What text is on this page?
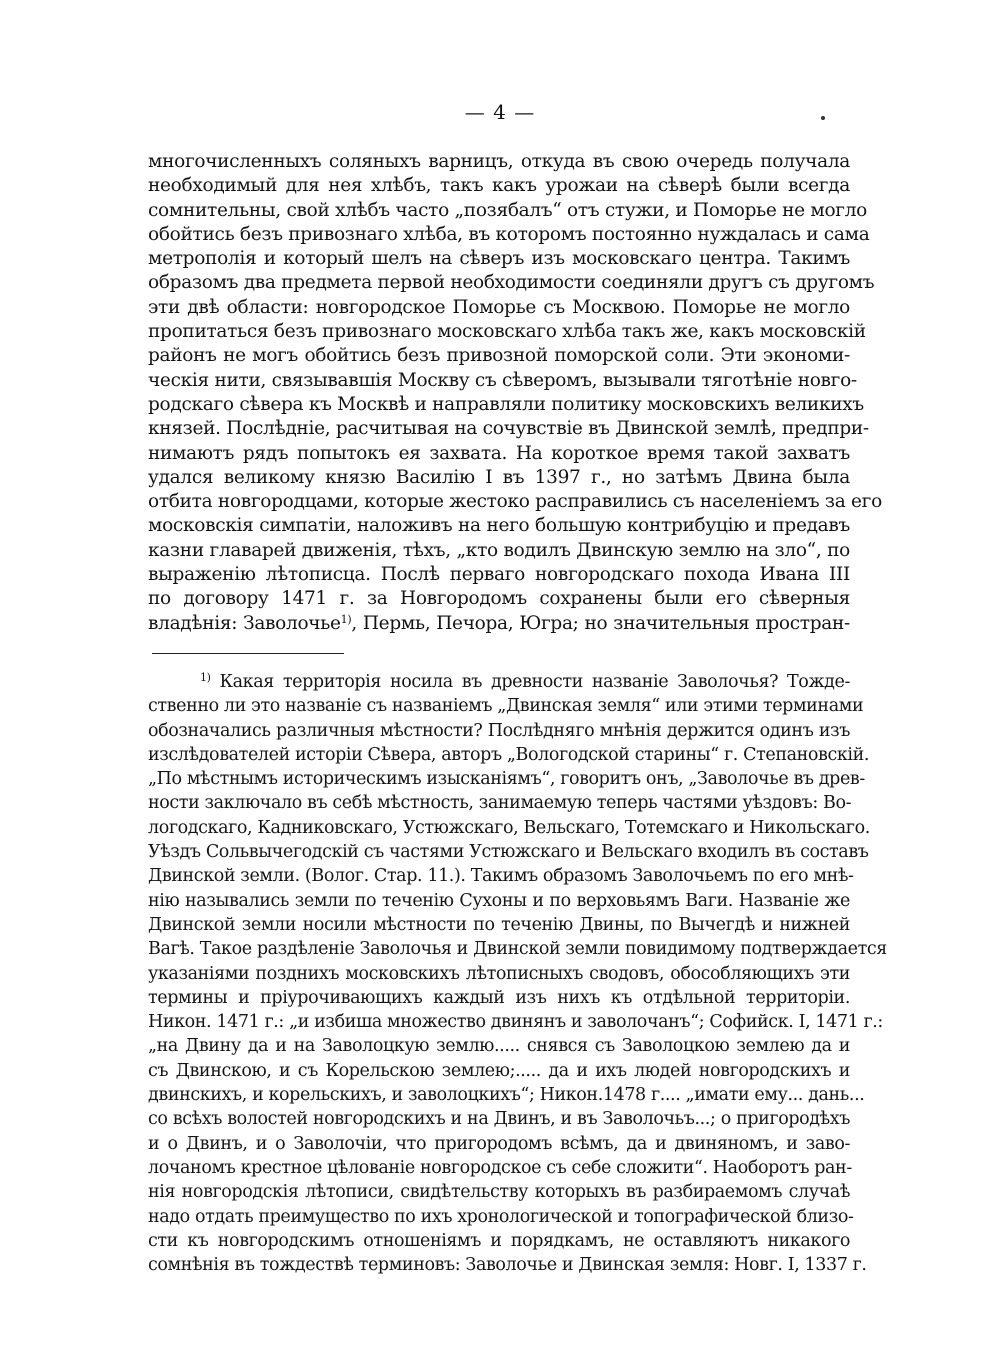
— 4 —
многочисленныхъ соляныхъ варницъ, откуда въ свою очередь получала
необходимый для нея хлѣбъ, такъ какъ урожаи на сѣверѣ были всегда
сомнительны, свой хлѣбъ часто „позябалъ“ отъ стужи, и Поморье не могло
обойтись безъ привознаго хлѣба, въ которомъ постоянно нуждалась и сама
метрополія и который шелъ на сѣверъ изъ московскаго центра. Такимъ
образомъ два предмета первой необходимости соединяли другъ съ другомъ
эти двѣ области: новгородское Поморье съ Москвою. Поморье не могло
пропитаться безъ привознаго московскаго хлѣба такъ же, какъ московскій
районъ не могъ обойтись безъ привозной поморской соли. Эти экономи-
ческія нити, связывавшія Москву съ сѣверомъ, вызывали тяготѣніе новго-
родскаго сѣвера къ Москвѣ и направляли политику московскихъ великихъ
князей. Послѣдніе, расчитывая на сочувствіе въ Двинской землѣ, предпри-
нимаютъ рядъ попытокъ ея захвата. На короткое время такой захватъ
удался великому князю Василію I въ 1397 г., но затѣмъ Двина была
отбита новгородцами, которые жестоко расправились съ населеніемъ за его
московскія симпатіи, наложивъ на него большую контрибуцію и предавъ
казни главарей движенія, тѣхъ, „кто водилъ Двинскую землю на зло“, по
выраженію лѣтописца. Послѣ перваго новгородскаго похода Ивана III
по договору 1471 г. за Новгородомъ сохранены были его сѣверныя
владѣнія: Заволочье$^{1)}$, Пермь, Печора, Югра; но значительныя простран-
$^{1)}$ Какая территорія носила въ древности названіе Заволочья? Тожде-
ственно ли это названіе съ названіемъ „Двинская земля“ или этими терминами
обозначались различныя мѣстности? Послѣдняго мнѣнія держится одинъ изъ
изслѣдователей исторіи Сѣвера, авторъ „Вологодской старины“ г. Степановскій.
„По мѣстнымъ историческимъ изысканіямъ“, говоритъ онъ, „Заволочье въ древ-
ности заключало въ себѣ мѣстность, занимаемую теперь частями уѣздовъ: Во-
логодскаго, Кадниковскаго, Устюжскаго, Вельскаго, Тотемскаго и Никольскаго.
Уѣздъ Сольвычегодскій съ частями Устюжскаго и Вельскаго входилъ въ составъ
Двинской земли. (Волог. Стар. 11.). Такимъ образомъ Заволочьемъ по его мнѣ-
нію назывались земли по теченію Сухоны и по верховьямъ Ваги. Названіе же
Двинской земли носили мѣстности по теченію Двины, по Вычегдѣ и нижней
Вагѣ. Такое раздѣленіе Заволочья и Двинской земли повидимому подтверждается
указаніями позднихъ московскихъ лѣтописныхъ сводовъ, обособляющихъ эти
термины и пріурочивающихъ каждый изъ нихъ къ отдѣльной территоріи.
Никон. 1471 г.: „и избиша множество двинянъ и заволочанъ“; Софийск. I, 1471 г.:
„на Двину да и на Заволоцкую землю..... снявся съ Заволоцкою землею да и
съ Двинскою, и съ Корельскою землею;..... да и ихъ людей новгородскихъ и
двинскихъ, и корельскихъ, и заволоцкихъ“; Никон.1478 г.... „имати ему... дань...
со всѣхъ волостей новгородскихъ и на Двинъ, и въ Заволочьъ...; о пригородѣхъ
и о Двинъ, и о Заволочіи, что пригородомъ всѣмъ, да и двиняномъ, и заво-
лочаномъ крестное цѣлованіе новгородское съ себе сложити“. Наоборотъ ран-
нія новгородскія лѣтописи, свидѣтельству которыхъ въ разбираемомъ случаѣ
надо отдать преимущество по ихъ хронологической и топографической близо-
сти къ новгородскимъ отношеніямъ и порядкамъ, не оставляютъ никакого
сомнѣнія въ тождествѣ терминовъ: Заволочье и Двинская земля: Новг. I, 1337 г.
